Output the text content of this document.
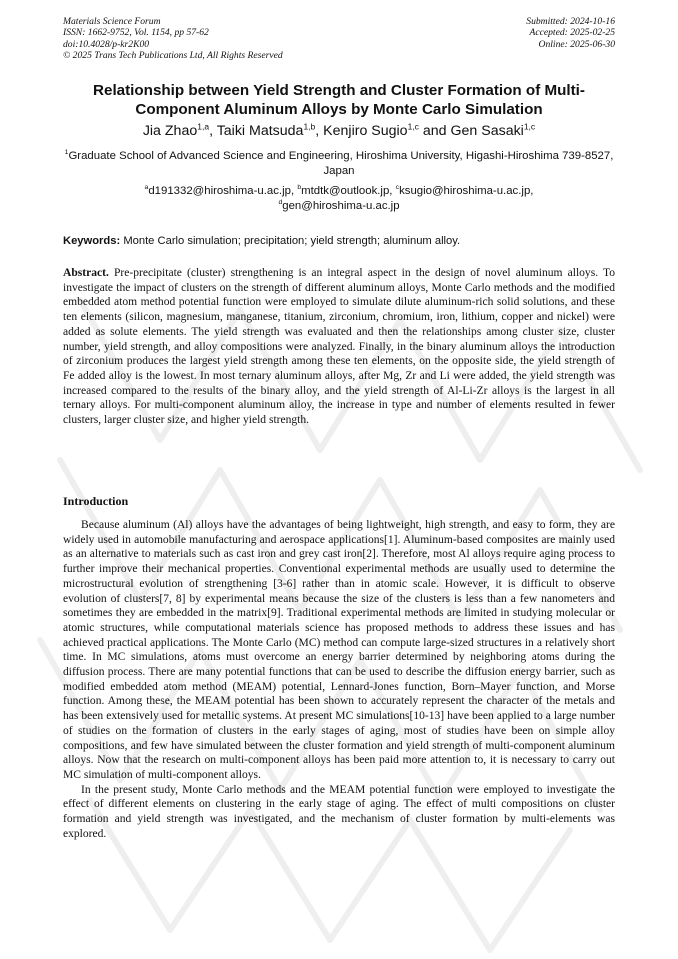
Materials Science Forum
ISSN: 1662-9752, Vol. 1154, pp 57-62
doi:10.4028/p-kr2K00
© 2025 Trans Tech Publications Ltd, All Rights Reserved
Submitted: 2024-10-16
Accepted: 2025-02-25
Online: 2025-06-30
Relationship between Yield Strength and Cluster Formation of Multi-Component Aluminum Alloys by Monte Carlo Simulation
Jia Zhao$^{1,a}$, Taiki Matsuda$^{1,b}$, Kenjiro Sugio$^{1,c}$ and Gen Sasaki$^{1,c}$
$^1$Graduate School of Advanced Science and Engineering, Hiroshima University, Higashi-Hiroshima 739-8527, Japan
$^a$d191332@hiroshima-u.ac.jp, $^b$mtdtk@outlook.jp, $^c$ksugio@hiroshima-u.ac.jp,
$^d$gen@hiroshima-u.ac.jp
Keywords: Monte Carlo simulation; precipitation; yield strength; aluminum alloy.

Abstract. Pre-precipitate (cluster) strengthening is an integral aspect in the design of novel aluminum alloys. To investigate the impact of clusters on the strength of different aluminum alloys, Monte Carlo methods and the modified embedded atom method potential function were employed to simulate dilute aluminum-rich solid solutions, and these ten elements (silicon, magnesium, manganese, titanium, zirconium, chromium, iron, lithium, copper and nickel) were added as solute elements. The yield strength was evaluated and then the relationships among cluster size, cluster number, yield strength, and alloy compositions were analyzed. Finally, in the binary aluminum alloys the introduction of zirconium produces the largest yield strength among these ten elements, on the opposite side, the yield strength of Fe added alloy is the lowest. In most ternary aluminum alloys, after Mg, Zr and Li were added, the yield strength was increased compared to the results of the binary alloy, and the yield strength of Al-Li-Zr alloys is the largest in all ternary alloys. For multi-component aluminum alloy, the increase in type and number of elements resulted in fewer clusters, larger cluster size, and higher yield strength.

Introduction

Because aluminum (Al) alloys have the advantages of being lightweight, high strength, and easy to form, they are widely used in automobile manufacturing and aerospace applications[1]. Aluminum-based composites are mainly used as an alternative to materials such as cast iron and grey cast iron[2]. Therefore, most Al alloys require aging process to further improve their mechanical properties. Conventional experimental methods are usually used to determine the microstructural evolution of strengthening [3-6] rather than in atomic scale. However, it is difficult to observe evolution of clusters[7, 8] by experimental means because the size of the clusters is less than a few nanometers and sometimes they are embedded in the matrix[9]. Traditional experimental methods are limited in studying molecular or atomic structures, while computational materials science has proposed methods to address these issues and has achieved practical applications. The Monte Carlo (MC) method can compute large-sized structures in a relatively short time. In MC simulations, atoms must overcome an energy barrier determined by neighboring atoms during the diffusion process. There are many potential functions that can be used to describe the diffusion energy barrier, such as modified embedded atom method (MEAM) potential, Lennard-Jones function, Born–Mayer function, and Morse function. Among these, the MEAM potential has been shown to accurately represent the character of the metals and has been extensively used for metallic systems. At present MC simulations[10-13] have been applied to a large number of studies on the formation of clusters in the early stages of aging, most of studies have been on simple alloy compositions, and few have simulated between the cluster formation and yield strength of multi-component aluminum alloys. Now that the research on multi-component alloys has been paid more attention to, it is necessary to carry out MC simulation of multi-component alloys.

In the present study, Monte Carlo methods and the MEAM potential function were employed to investigate the effect of different elements on clustering in the early stage of aging. The effect of multi compositions on cluster formation and yield strength was investigated, and the mechanism of cluster formation by multi-elements was explored.
